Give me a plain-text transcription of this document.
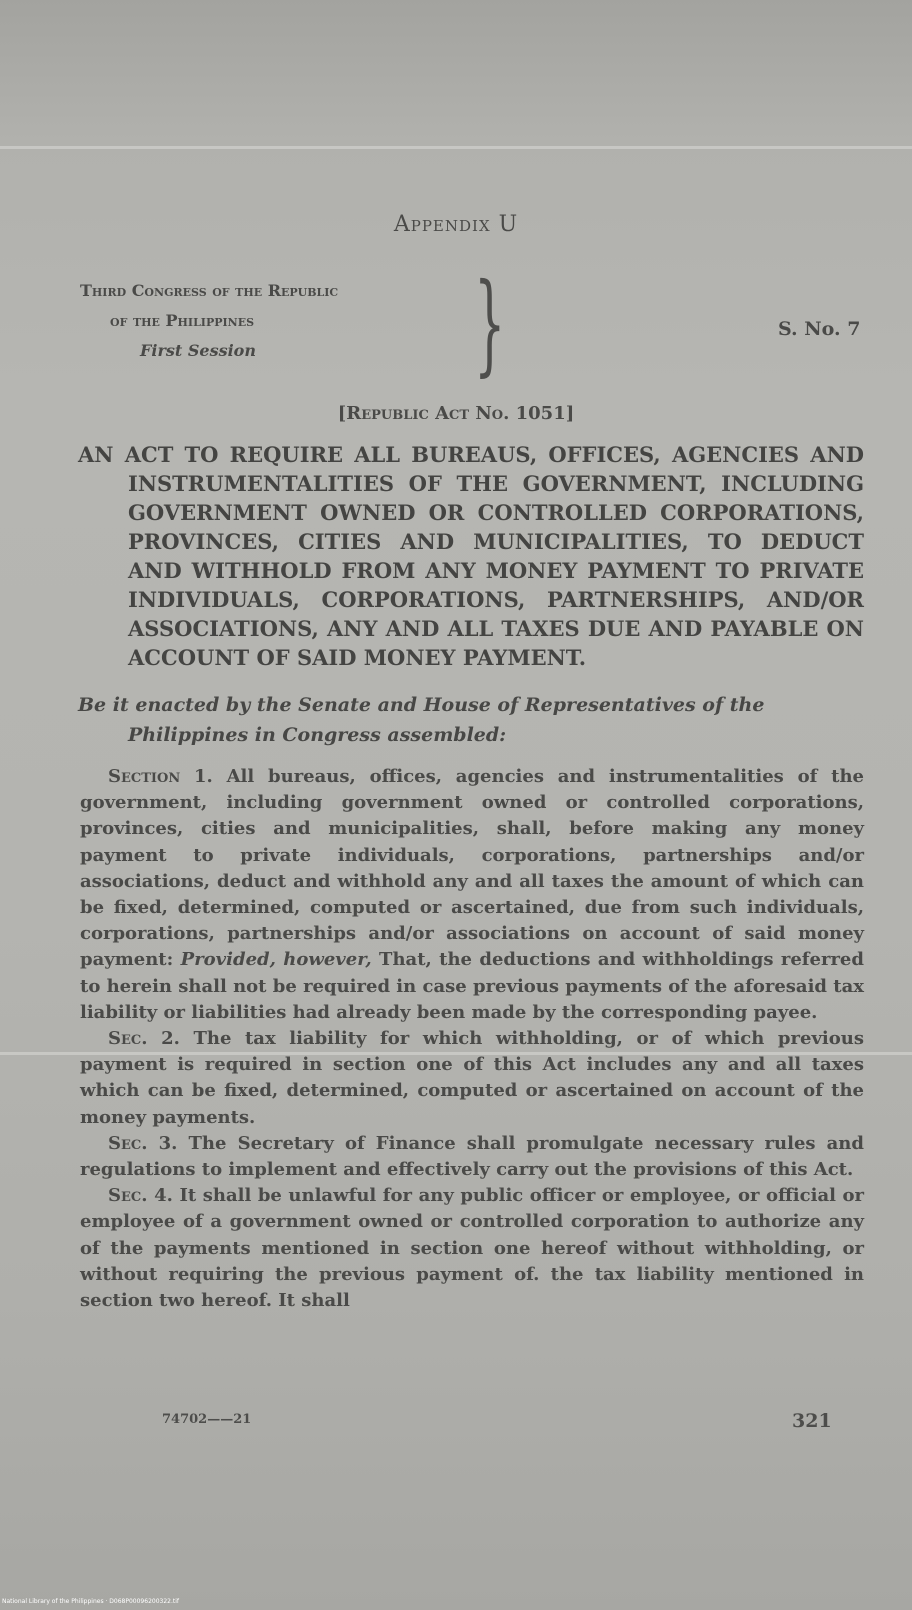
Appendix U
Third Congress of the Republic
of the Philippines
First Session	}	S. No. 7
[Republic Act No. 1051]
AN ACT TO REQUIRE ALL BUREAUS, OFFICES, AGENCIES AND INSTRUMENTALITIES OF THE GOVERNMENT, INCLUDING GOVERNMENT OWNED OR CONTROLLED CORPORATIONS, PROVINCES, CITIES AND MUNICIPALITIES, TO DEDUCT AND WITHHOLD FROM ANY MONEY PAYMENT TO PRIVATE INDIVIDUALS, CORPORATIONS, PARTNERSHIPS, AND/OR ASSOCIATIONS, ANY AND ALL TAXES DUE AND PAYABLE ON ACCOUNT OF SAID MONEY PAYMENT.
Be it enacted by the Senate and House of Representatives of the Philippines in Congress assembled:

Section 1. All bureaus, offices, agencies and instrumentalities of the government, including government owned or controlled corporations, provinces, cities and municipalities, shall, before making any money payment to private individuals, corporations, partnerships and/or associations, deduct and withhold any and all taxes the amount of which can be fixed, determined, computed or ascertained, due from such individuals, corporations, partnerships and/or associations on account of said money payment: Provided, however, That, the deductions and withholdings referred to herein shall not be required in case previous payments of the aforesaid tax liability or liabilities had already been made by the corresponding payee.

Sec. 2. The tax liability for which withholding, or of which previous payment is required in section one of this Act includes any and all taxes which can be fixed, determined, computed or ascertained on account of the money payments.

Sec. 3. The Secretary of Finance shall promulgate necessary rules and regulations to implement and effectively carry out the provisions of this Act.

Sec. 4. It shall be unlawful for any public officer or employee, or official or employee of a government owned or controlled corporation to authorize any of the payments mentioned in section one hereof without withholding, or without requiring the previous payment of. the tax liability mentioned in section two hereof. It shall

74702——21	321
National Library of the Philippines · D068P00096200322.tif
